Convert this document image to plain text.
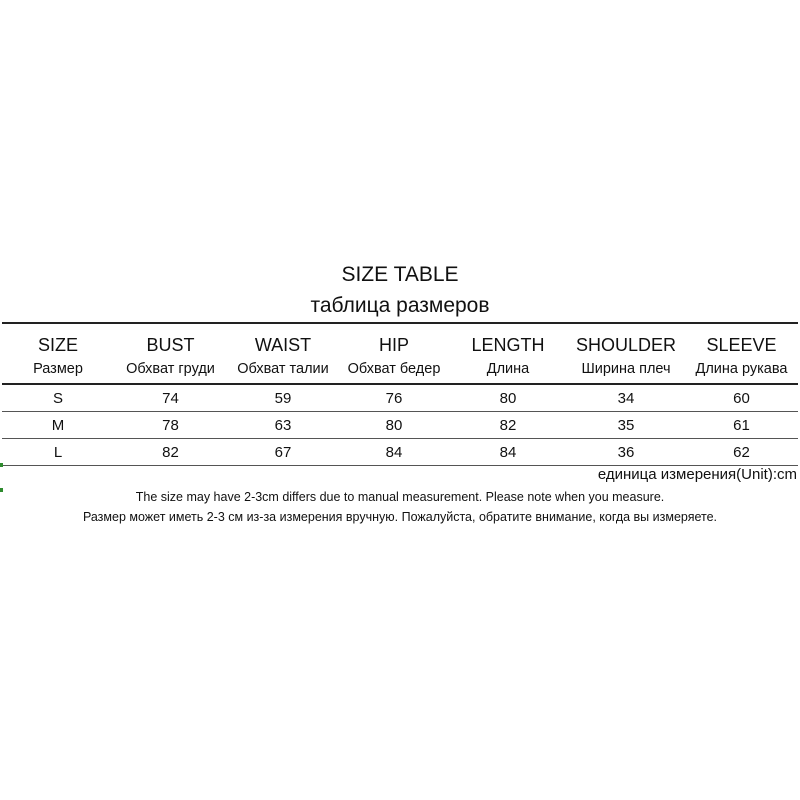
SIZE TABLE
таблица размеров
SIZE	BUST	WAIST	HIP	LENGTH	SHOULDER	SLEEVE
Размер	Обхват груди	Обхват талии	Обхват бедер	Длина	Ширина плеч	Длина рукава
S	74	59	76	80	34	60
M	78	63	80	82	35	61
L	82	67	84	84	36	62
единица измерения(Unit):cm
The size may have 2-3cm differs due to manual measurement. Please note when you measure.
Размер может иметь 2-3 см из-за измерения вручную. Пожалуйста, обратите внимание, когда вы измеряете.
